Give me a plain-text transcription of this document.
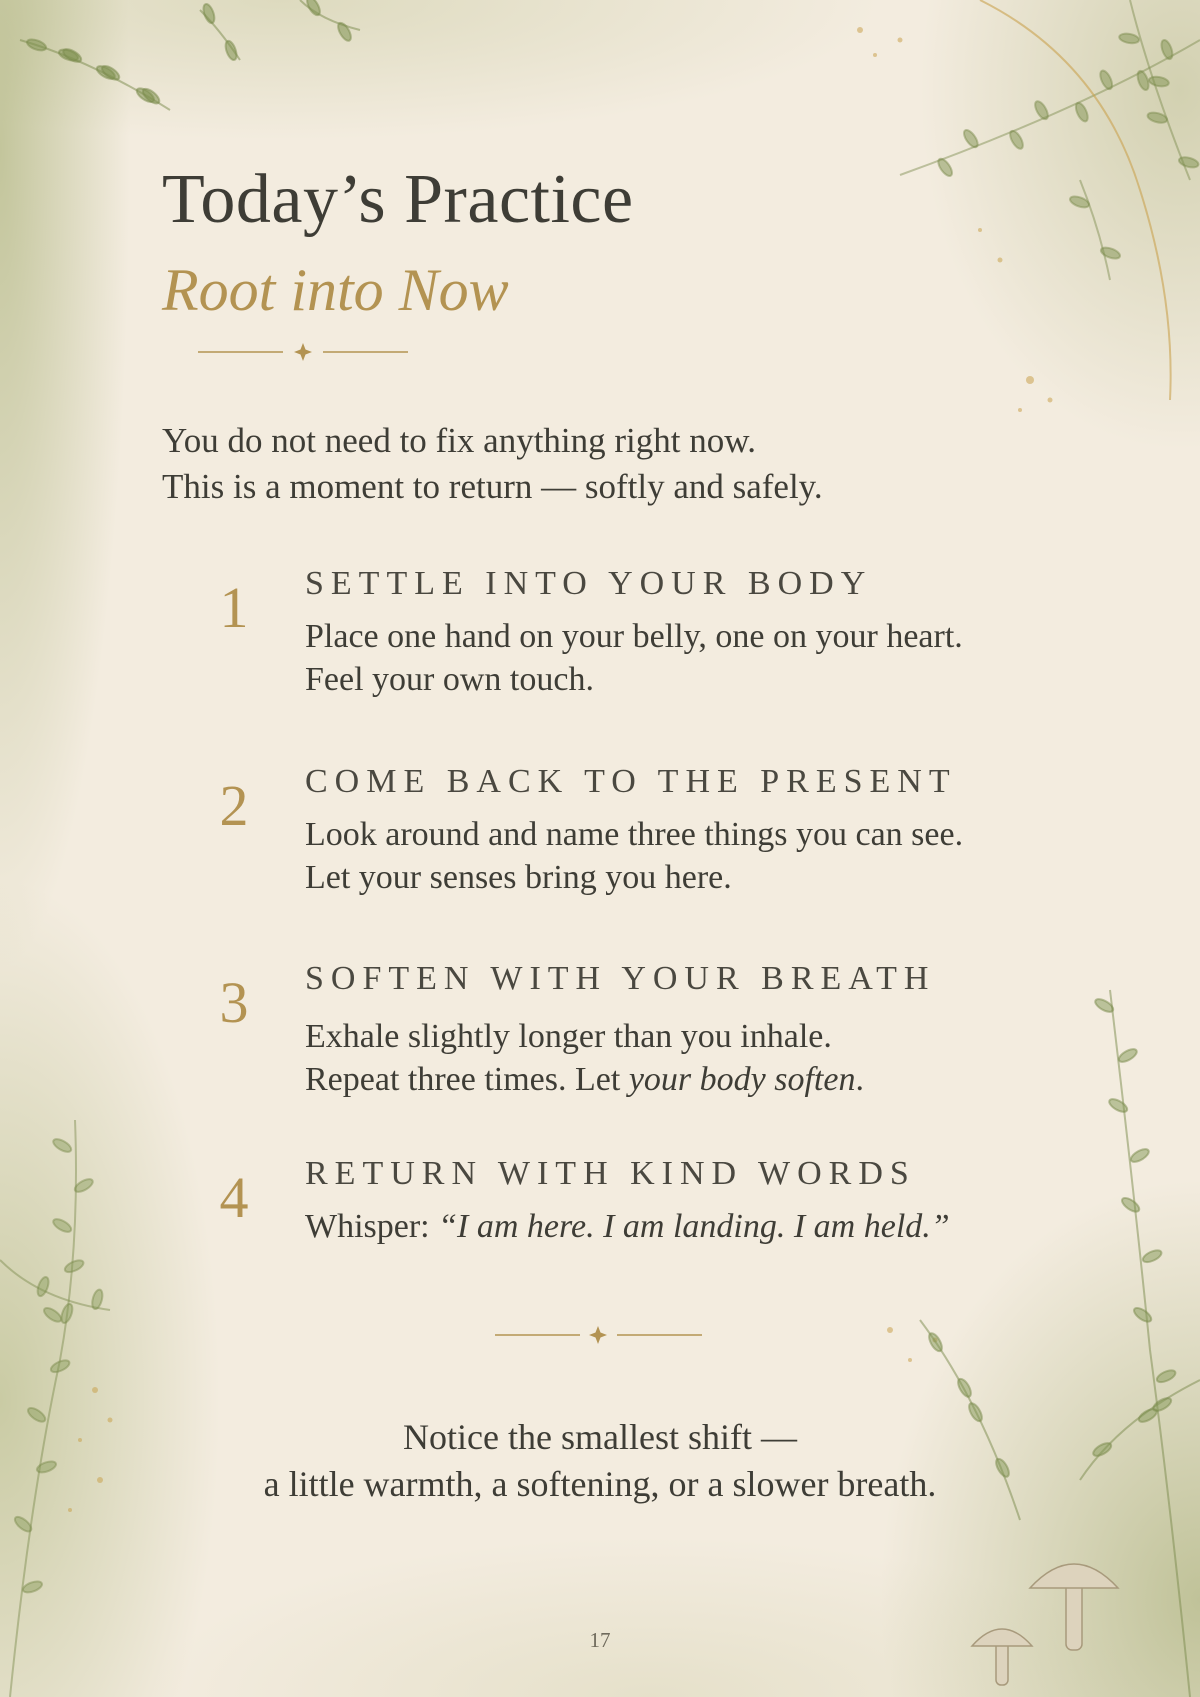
Today’s Practice
Root into Now

You do not need to fix anything right now.
This is a moment to return — softly and safely.

1	SETTLE INTO YOUR BODY
Place one hand on your belly, one on your heart.
Feel your own touch.
2	COME BACK TO THE PRESENT
Look around and name three things you can see.
Let your senses bring you here.
3	SOFTEN WITH YOUR BREATH
Exhale slightly longer than you inhale.
Repeat three times. Let your body soften.
4	RETURN WITH KIND WORDS
Whisper: “I am here. I am landing. I am held.”

Notice the smallest shift —
a little warmth, a softening, or a slower breath.

17
